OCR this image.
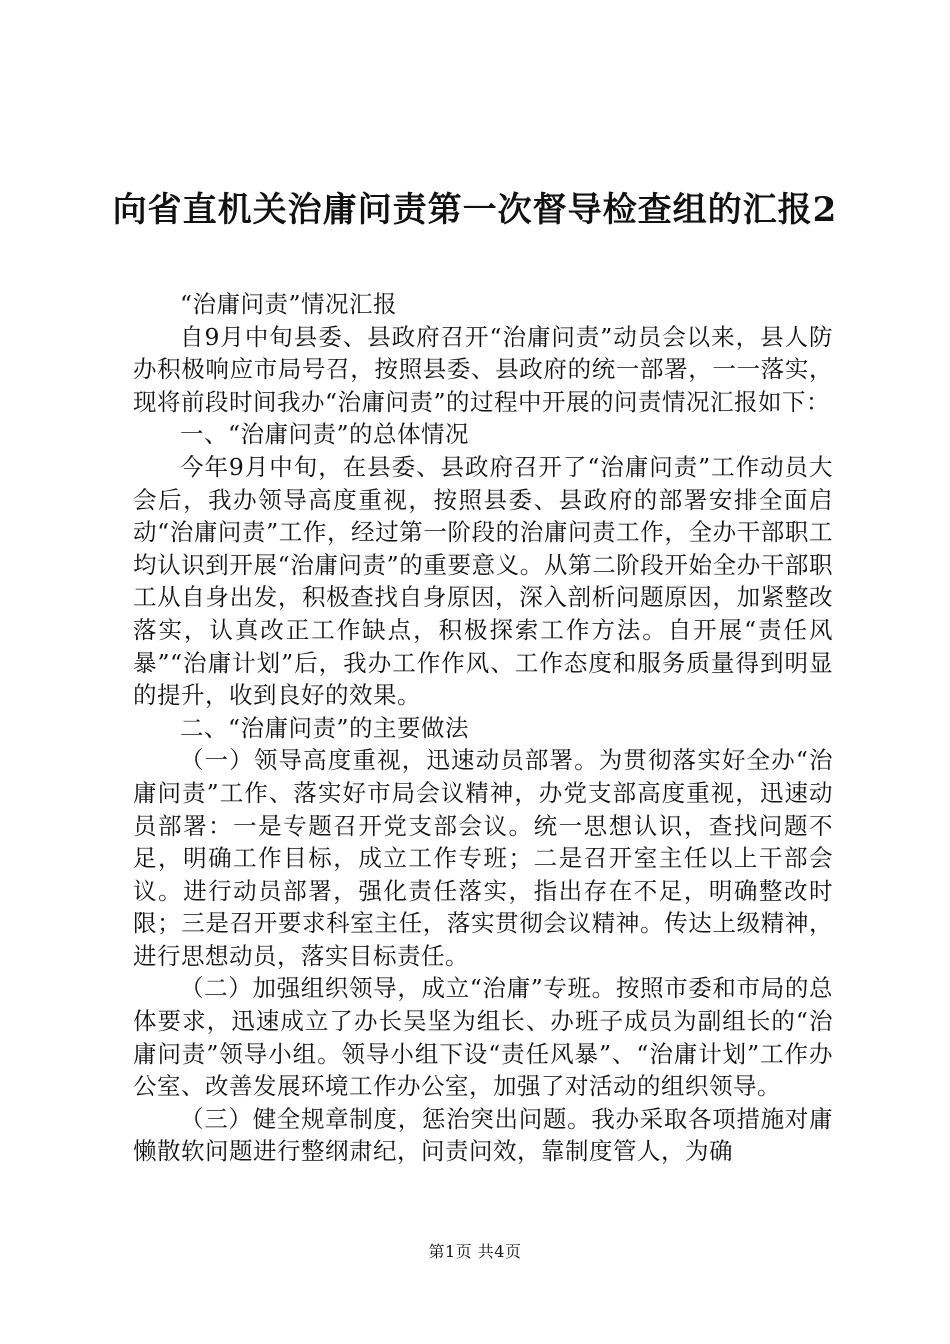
向省直机关治庸问责第一次督导检查组的汇报2

“治庸问责”情况汇报

自9月中旬县委、县政府召开“治庸问责”动员会以来，县人防办积极响应市局号召，按照县委、县政府的统一部署，一一落实，现将前段时间我办“治庸问责”的过程中开展的问责情况汇报如下：

一、“治庸问责”的总体情况

今年9月中旬，在县委、县政府召开了“治庸问责”工作动员大会后，我办领导高度重视，按照县委、县政府的部署安排全面启动“治庸问责”工作，经过第一阶段的治庸问责工作，全办干部职工均认识到开展“治庸问责”的重要意义。从第二阶段开始全办干部职工从自身出发，积极查找自身原因，深入剖析问题原因，加紧整改落实，认真改正工作缺点，积极探索工作方法。自开展“责任风暴”“治庸计划”后，我办工作作风、工作态度和服务质量得到明显的提升，收到良好的效果。

二、“治庸问责”的主要做法

（一）领导高度重视，迅速动员部署。为贯彻落实好全办“治庸问责”工作、落实好市局会议精神，办党支部高度重视，迅速动员部署：一是专题召开党支部会议。统一思想认识，查找问题不足，明确工作目标，成立工作专班；二是召开室主任以上干部会议。进行动员部署，强化责任落实，指出存在不足，明确整改时限；三是召开要求科室主任，落实贯彻会议精神。传达上级精神，进行思想动员，落实目标责任。

（二）加强组织领导，成立“治庸”专班。按照市委和市局的总体要求，迅速成立了办长吴坚为组长、办班子成员为副组长的“治庸问责”领导小组。领导小组下设“责任风暴”、“治庸计划”工作办公室、改善发展环境工作办公室，加强了对活动的组织领导。

（三）健全规章制度，惩治突出问题。我办采取各项措施对庸懒散软问题进行整纲肃纪，问责问效，靠制度管人，为确

第1页 共4页
